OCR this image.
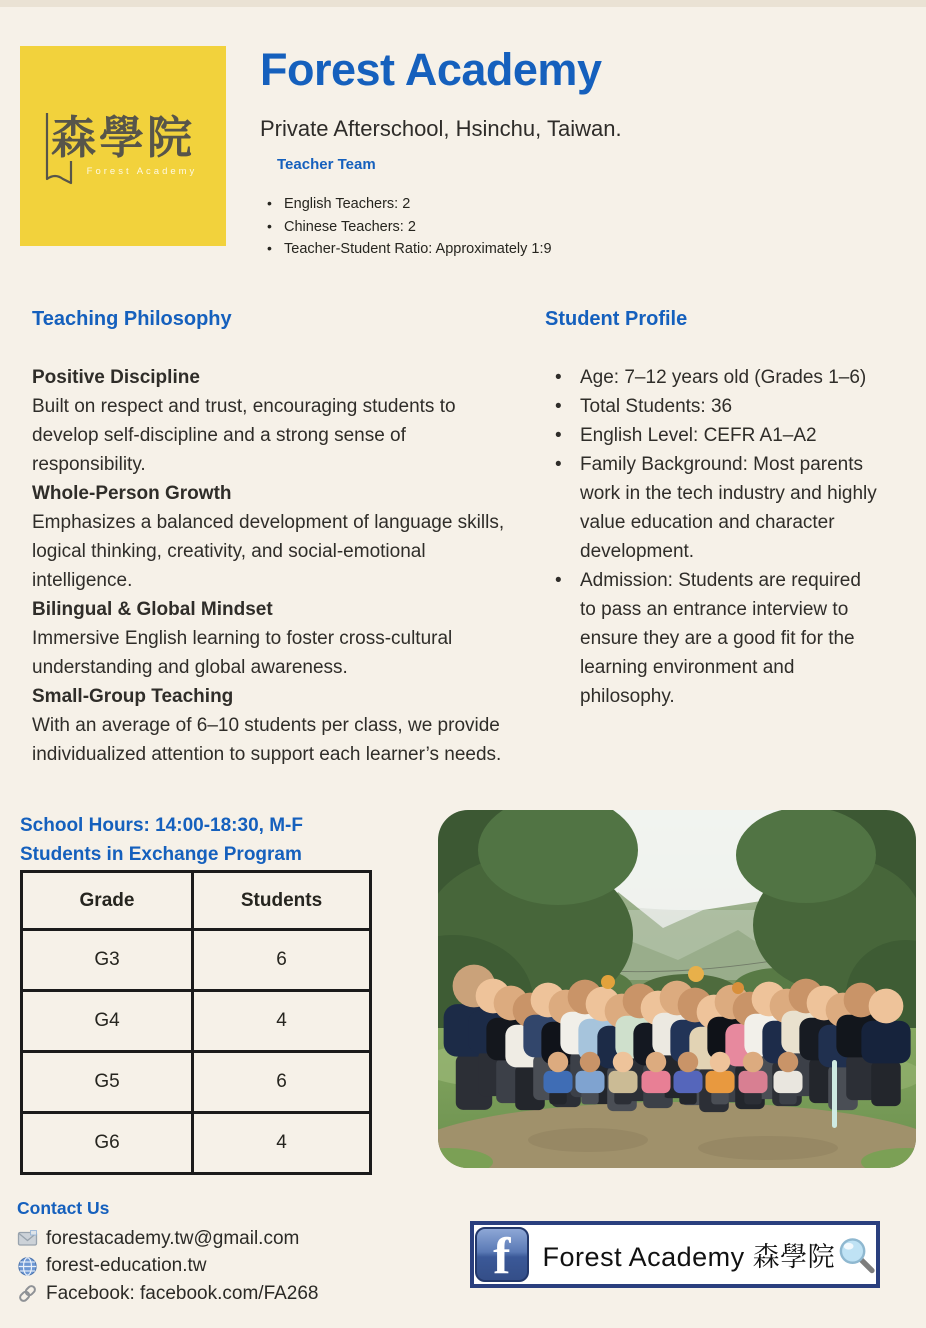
森學院
Forest Academy
Forest Academy
Private Afterschool, Hsinchu, Taiwan.
Teacher Team
• English Teachers: 2
• Chinese Teachers: 2
• Teacher-Student Ratio: Approximately 1:9
Teaching Philosophy
Positive Discipline
Built on respect and trust, encouraging students to develop self-discipline and a strong sense of responsibility.
Whole-Person Growth
Emphasizes a balanced development of language skills, logical thinking, creativity, and social-emotional intelligence.
Bilingual & Global Mindset
Immersive English learning to foster cross-cultural understanding and global awareness.
Small-Group Teaching
With an average of 6–10 students per class, we provide individualized attention to support each learner’s needs.
Student Profile
• Age: 7–12 years old (Grades 1–6)
• Total Students: 36
• English Level: CEFR A1–A2
• Family Background: Most parents work in the tech industry and highly value education and character development.
• Admission: Students are required to pass an entrance interview to ensure they are a good fit for the learning environment and philosophy.
School Hours: 14:00-18:30, M-F
Students in Exchange Program
Grade	Students
G3	6
G4	4
G5	6
G6	4
Contact Us
forestacademy.tw@gmail.com
forest-education.tw
Facebook: facebook.com/FA268
f	Forest Academy 森學院
